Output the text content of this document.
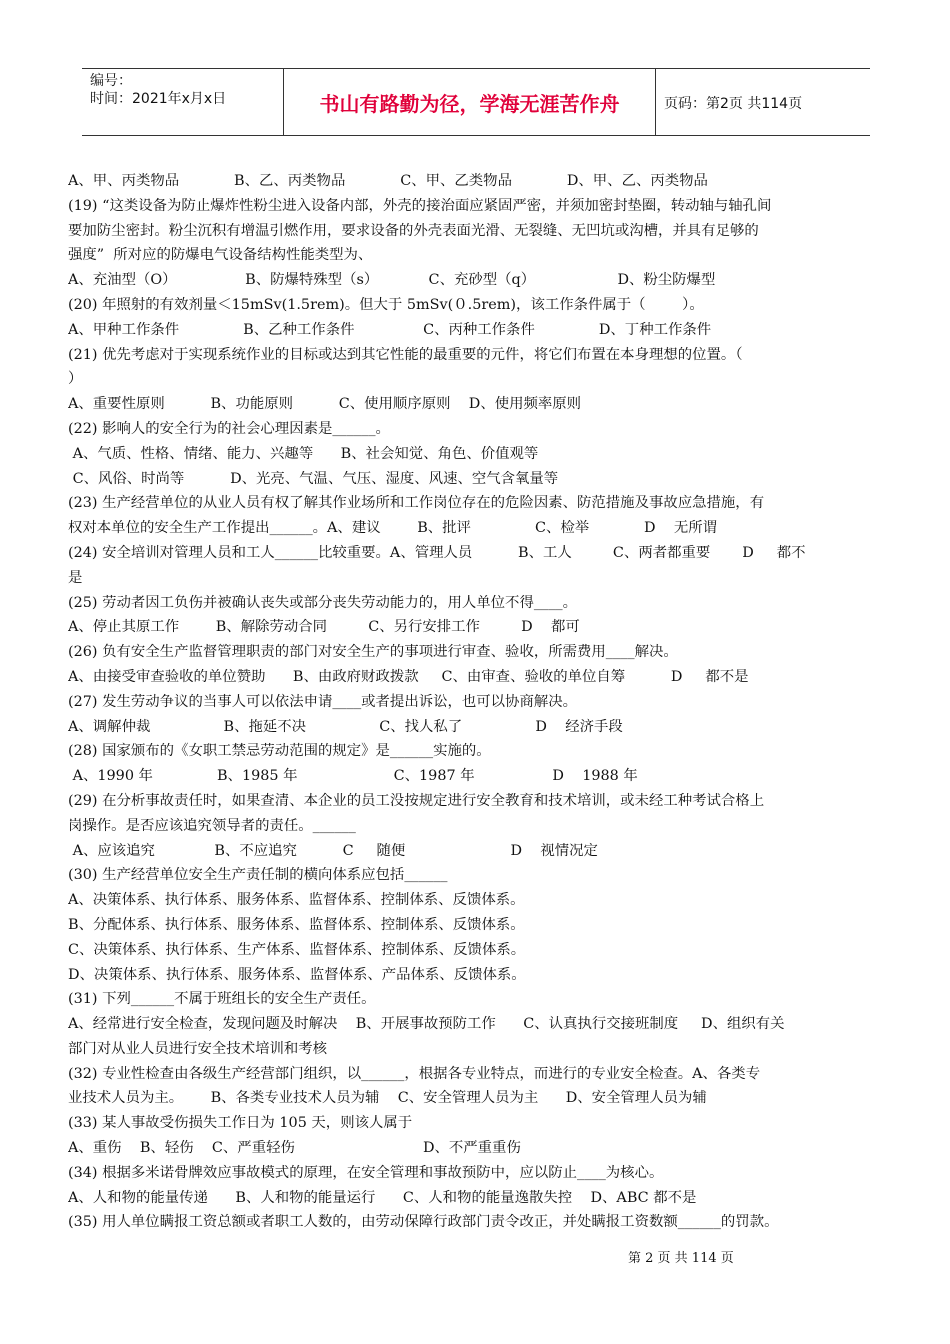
编号：
时间：2021年x月x日	书山有路勤为径，学海无涯苦作舟	页码：第2页 共114页
A、甲、丙类物品            B、乙、丙类物品            C、甲、乙类物品            D、甲、乙、丙类物品
(19) “这类设备为防止爆炸性粉尘进入设备内部，外壳的接治面应紧固严密，并须加密封垫圈，转动轴与轴孔间
要加防尘密封。粉尘沉积有增温引燃作用，要求设备的外壳表面光滑、无裂缝、无凹坑或沟槽，并具有足够的
强度”  所对应的防爆电气设备结构性能类型为、
A、充油型（O）               B、防爆特殊型（s）           C、充砂型（q）                  D、粉尘防爆型
(20) 年照射的有效剂量＜15mSv(1.5rem)。但大于 5mSv(０.5rem)，该工作条件属于（        ）。
A、甲种工作条件              B、乙种工作条件               C、丙种工作条件              D、丁种工作条件
(21) 优先考虑对于实现系统作业的目标或达到其它性能的最重要的元件，将它们布置在本身理想的位置。（
）
A、重要性原则          B、功能原则          C、使用顺序原则    D、使用频率原则
(22) 影响人的安全行为的社会心理因素是______。
A、气质、性格、情绪、能力、兴趣等      B、社会知觉、角色、价值观等
C、风俗、时尚等          D、光亮、气温、气压、湿度、风速、空气含氧量等
(23) 生产经营单位的从业人员有权了解其作业场所和工作岗位存在的危险因素、防范措施及事故应急措施，有
权对本单位的安全生产工作提出______。A、建议        B、批评              C、检举            D    无所谓
(24) 安全培训对管理人员和工人______比较重要。A、管理人员          B、工人         C、两者都重要       D     都不
是
(25) 劳动者因工负伤并被确认丧失或部分丧失劳动能力的，用人单位不得____。
A、停止其原工作        B、解除劳动合同         C、另行安排工作         D    都可
(26) 负有安全生产监督管理职责的部门对安全生产的事项进行审查、验收，所需费用____解决。
A、由接受审查验收的单位赞助      B、由政府财政拨款     C、由审查、验收的单位自筹          D     都不是
(27) 发生劳动争议的当事人可以依法申请____或者提出诉讼，也可以协商解决。
A、调解仲裁                B、拖延不决                C、找人私了                D    经济手段
(28) 国家颁布的《女职工禁忌劳动范围的规定》是______实施的。
A、1990 年              B、1985 年                     C、1987 年                 D    1988 年
(29) 在分析事故责任时，如果查清、本企业的员工没按规定进行安全教育和技术培训，或未经工种考试合格上
岗操作。是否应该追究领导者的责任。______
A、应该追究             B、不应追究          C     随便                       D    视情况定
(30) 生产经营单位安全生产责任制的横向体系应包括______
A、决策体系、执行体系、服务体系、监督体系、控制体系、反馈体系。
B、分配体系、执行体系、服务体系、监督体系、控制体系、反馈体系。
C、决策体系、执行体系、生产体系、监督体系、控制体系、反馈体系。
D、决策体系、执行体系、服务体系、监督体系、产品体系、反馈体系。
(31) 下列______不属于班组长的安全生产责任。
A、经常进行安全检查，发现问题及时解决    B、开展事故预防工作      C、认真执行交接班制度     D、组织有关
部门对从业人员进行安全技术培训和考核
(32) 专业性检查由各级生产经营部门组织，以______，根据各专业特点，而进行的专业安全检查。A、各类专
业技术人员为主。      B、各类专业技术人员为辅    C、安全管理人员为主      D、安全管理人员为辅
(33) 某人事故受伤损失工作日为 105 天，则该人属于
A、重伤    B、轻伤    C、严重轻伤                            D、不严重重伤
(34) 根据多米诺骨牌效应事故模式的原理，在安全管理和事故预防中，应以防止____为核心。
A、人和物的能量传递      B、人和物的能量运行      C、人和物的能量逸散失控    D、ABC 都不是
(35) 用人单位瞒报工资总额或者职工人数的，由劳动保障行政部门责令改正，并处瞒报工资数额______的罚款。
第 2 页 共 114 页
